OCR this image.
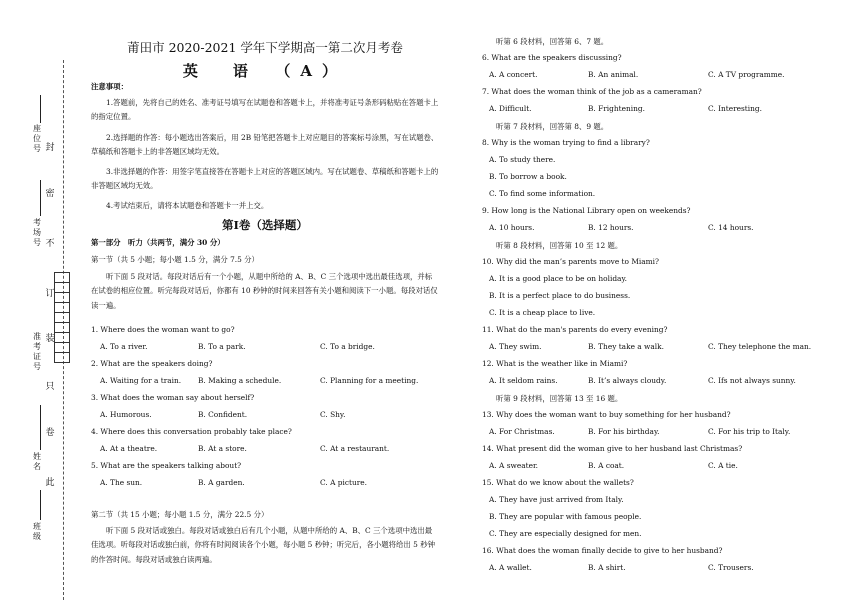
封
密
不
订
装
只
卷
此
座位号
考场号
准考证号
姓名
班级
莆田市 2020-2021 学年下学期高一第二次月考卷
英　语　（A）
注意事项：
1.答题前，先将自己的姓名、准考证号填写在试题卷和答题卡上，并将准考证号条形码粘贴在答题卡上的指定位置。
2.选择题的作答：每小题选出答案后，用 2B 铅笔把答题卡上对应题目的答案标号涂黑，写在试题卷、草稿纸和答题卡上的非答题区域均无效。
3.非选择题的作答：用签字笔直接答在答题卡上对应的答题区域内。写在试题卷、草稿纸和答题卡上的非答题区域均无效。
4.考试结束后，请将本试题卷和答题卡一并上交。
第Ⅰ卷（选择题）
第一部分　听力（共两节，满分 30 分）
第一节（共 5 小题；每小题 1.5 分，满分 7.5 分）
听下面 5 段对话。每段对话后有一个小题，从题中所给的 A、B、C 三个选项中选出最佳选项，并标在试卷的相应位置。听完每段对话后，你都有 10 秒钟的时间来回答有关小题和阅读下一小题。每段对话仅读一遍。
1. Where does the woman want to go?
A. To a river.	B. To a park.	C. To a bridge.
2. What are the speakers doing?
A. Waiting for a train. B. Making a schedule.	C. Planning for a meeting.
3. What does the woman say about herself?
A. Humorous.	B. Confident.	C. Shy.
4. Where does this conversation probably take place?
A. At a theatre.	B. At a store.	C. At a restaurant.
5. What are the speakers talking about?
A. The sun.	B. A garden.	C. A picture.
第二节（共 15 小题；每小题 1.5 分，满分 22.5 分）
听下面 5 段对话或独白。每段对话或独白后有几个小题，从题中所给的 A、B、C 三个选项中选出最佳选项。听每段对话或独白前，你将有时间阅读各个小题，每小题 5 秒钟；听完后，各小题将给出 5 秒钟的作答时间。每段对话或独白读两遍。
听第 6 段材料，回答第 6、7 题。
6. What are the speakers discussing?
A. A concert.	B. An animal.	C. A TV programme.
7. What does the woman think of the job as a cameraman?
A. Difficult.	B. Frightening.	C. Interesting.
听第 7 段材料，回答第 8、9 题。
8. Why is the woman trying to find a library?
A. To study there.
B. To borrow a book.
C. To find some information.
9. How long is the National Library open on weekends?
A. 10 hours.	B. 12 hours.	C. 14 hours.
听第 8 段材料，回答第 10 至 12 题。
10. Why did the man’s parents move to Miami?
A. It is a good place to be on holiday.
B. It is a perfect place to do business.
C. It is a cheap place to live.
11. What do the man's parents do every evening?
A. They swim.	B. They take a walk.	C. They telephone the man.
12. What is the weather like in Miami?
A. It seldom rains.	B. It’s always cloudy.	C. Ifs not always sunny.
听第 9 段材料，回答第 13 至 16 题。
13. Why does the woman want to buy something for her husband?
A. For Christmas.	B. For his birthday.	C. For his trip to Italy.
14. What present did the woman give to her husband last Christmas?
A. A sweater.	B. A coat.	C. A tie.
15. What do we know about the wallets?
A. They have just arrived from Italy.
B. They are popular with famous people.
C. They are especially designed for men.
16. What does the woman finally decide to give to her husband?
A. A wallet.	B. A shirt.	C. Trousers.
